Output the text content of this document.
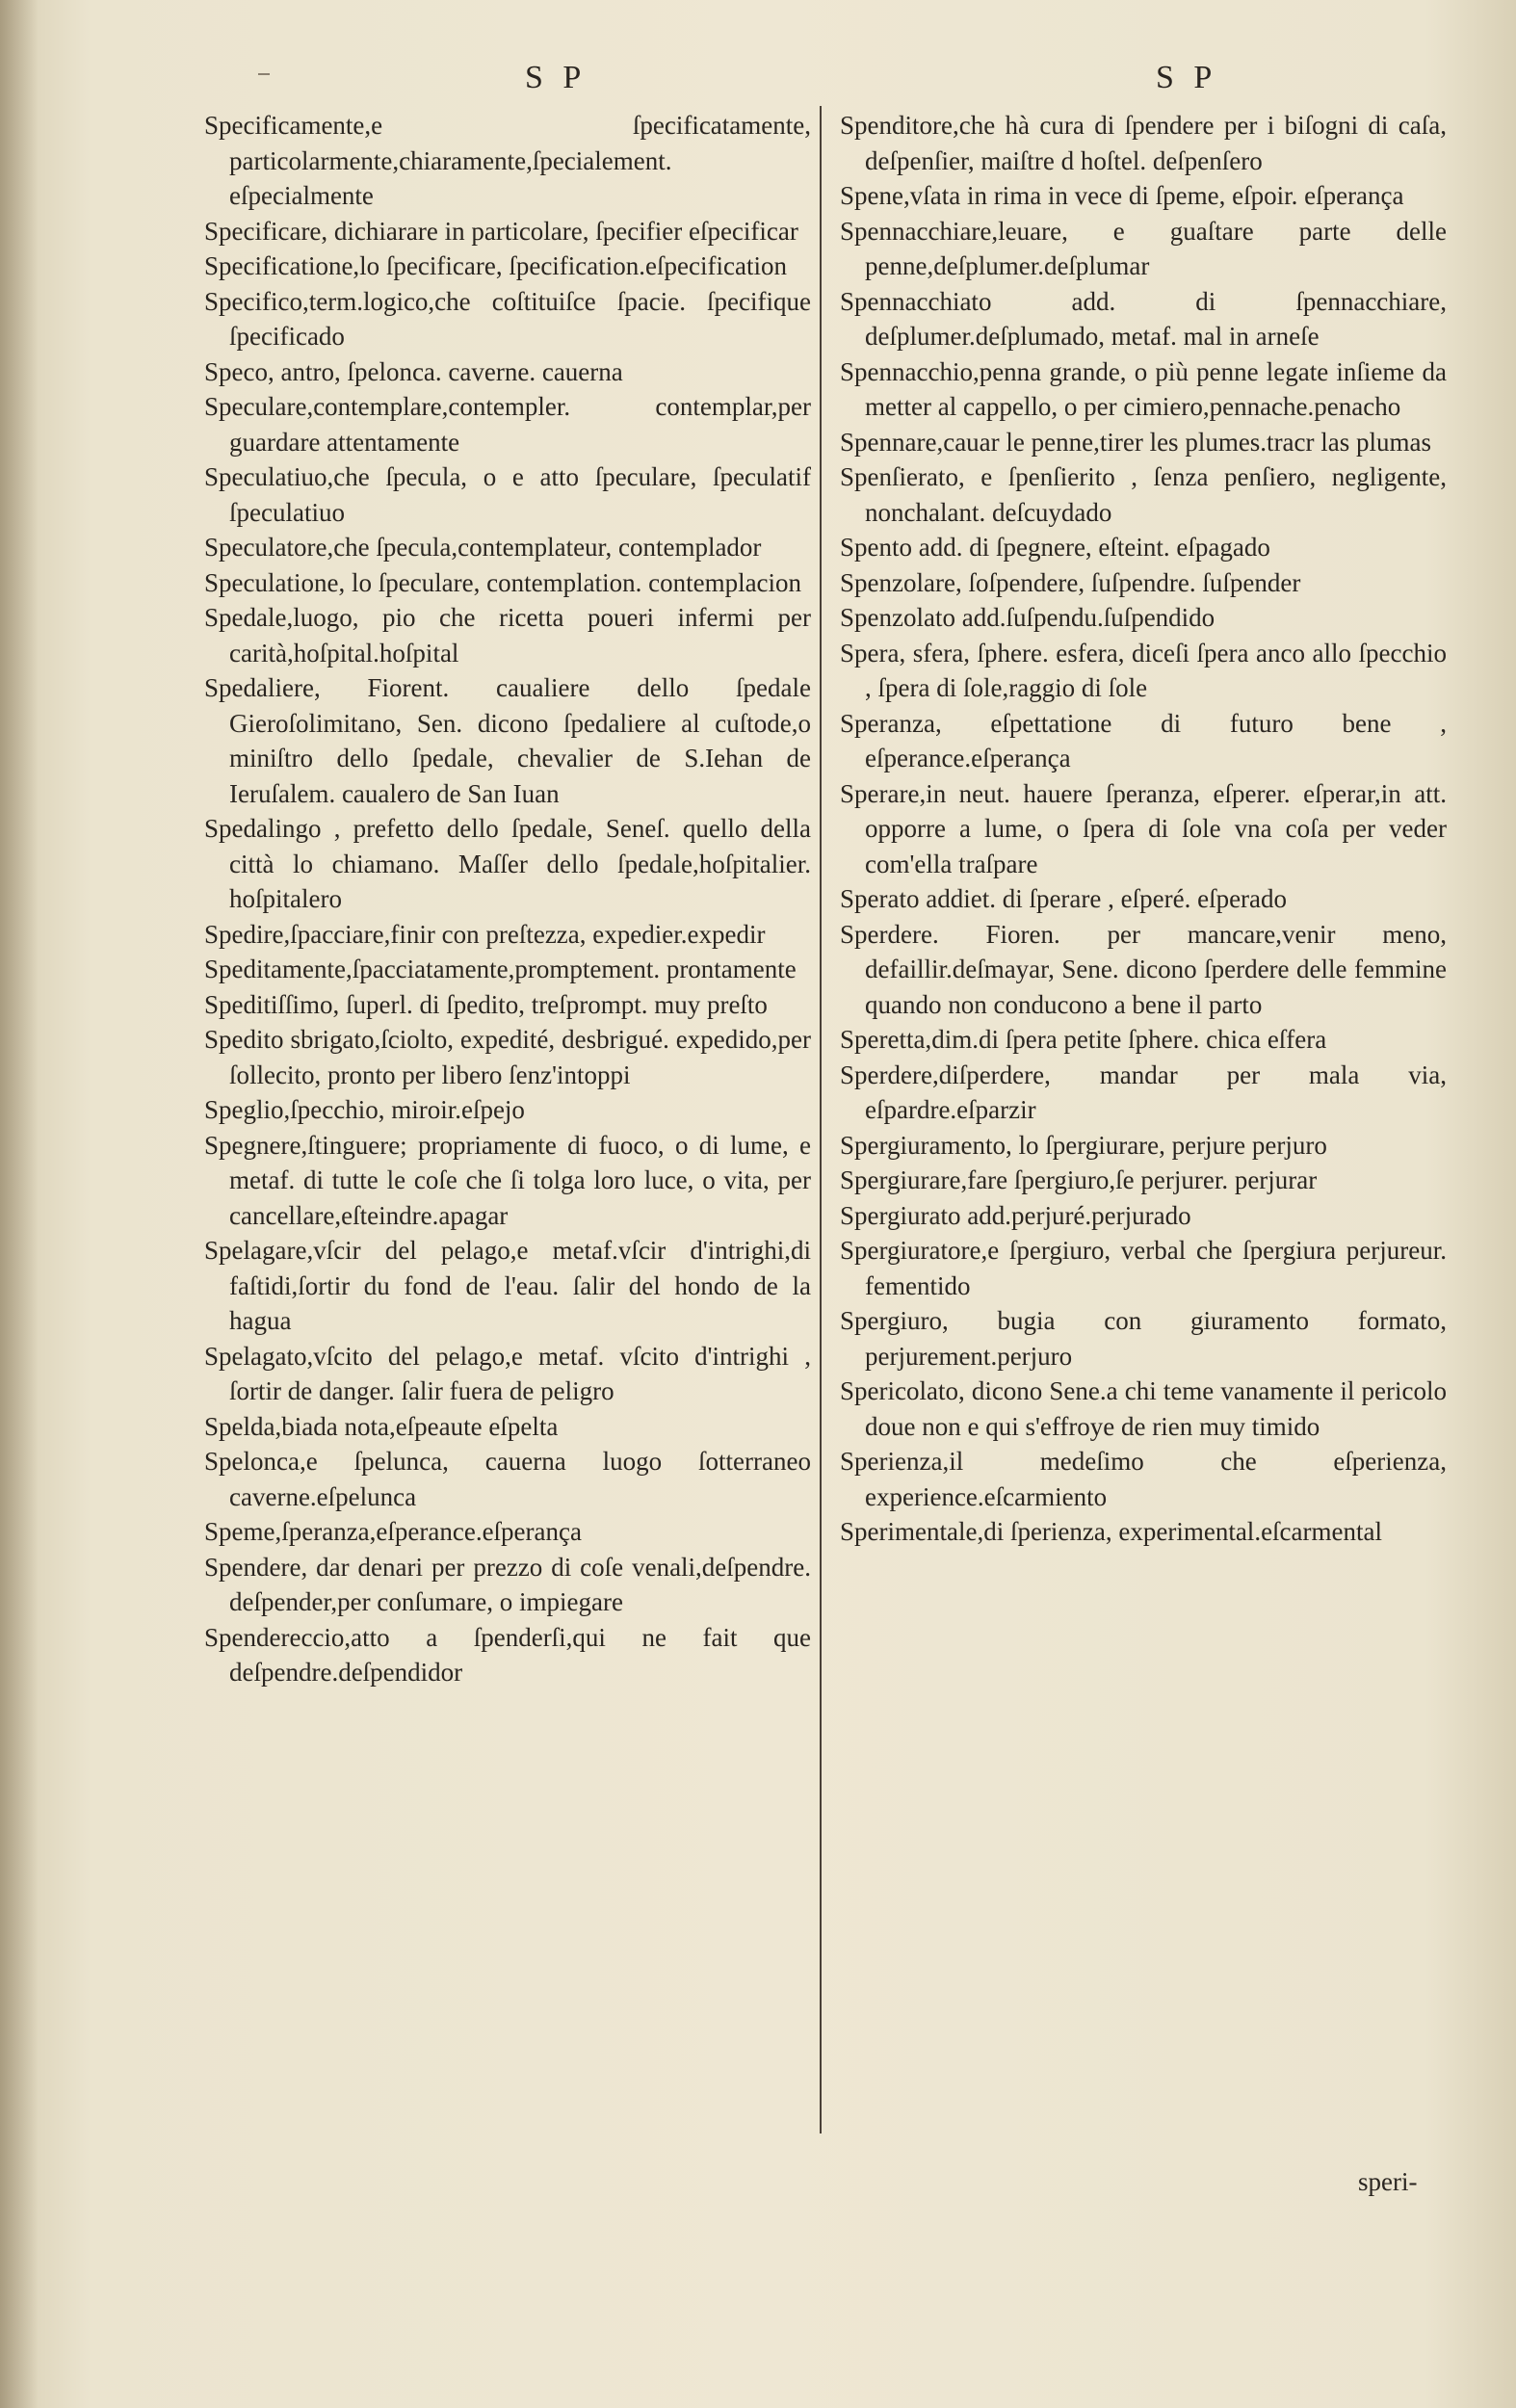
S P	S P
Specificamente,e ſpecificatamente, particolarmente,chiaramente,ſpecialement. eſpecialmente
Specificare, dichiarare in particolare, ſpecifier eſpecificar
Specificatione,lo ſpecificare, ſpecification.eſpecification
Specifico,term.logico,che coſtituiſce ſpacie. ſpecifique ſpecificado
Speco, antro, ſpelonca. caverne. cauerna
Speculare,contemplare,contempler. contemplar,per guardare attentamente
Speculatiuo,che ſpecula, o e atto ſpeculare, ſpeculatif ſpeculatiuo
Speculatore,che ſpecula,contemplateur, contemplador
Speculatione, lo ſpeculare, contemplation. contemplacion
Spedale,luogo, pio che ricetta poueri infermi per carità,hoſpital.hoſpital
Spedaliere, Fiorent. caualiere dello ſpedale Gieroſolimitano, Sen. dicono ſpedaliere al cuſtode,o miniſtro dello ſpedale, chevalier de S.Iehan de Ieruſalem. caualero de San Iuan
Spedalingo , prefetto dello ſpedale, Seneſ. quello della città lo chiamano. Maſſer dello ſpedale,hoſpitalier. hoſpitalero
Spedire,ſpacciare,finir con preſtezza, expedier.expedir
Speditamente,ſpacciatamente,promptement. prontamente
Speditiſſimo, ſuperl. di ſpedito, treſprompt. muy preſto
Spedito sbrigato,ſciolto, expedité, desbrigué. expedido,per ſollecito, pronto per libero ſenz'intoppi
Speglio,ſpecchio, miroir.eſpejo
Spegnere,ſtinguere; propriamente di fuoco, o di lume, e metaf. di tutte le coſe che ſi tolga loro luce, o vita, per cancellare,eſteindre.apagar
Spelagare,vſcir del pelago,e metaf.vſcir d'intrighi,di faſtidi,ſortir du fond de l'eau. ſalir del hondo de la hagua
Spelagato,vſcito del pelago,e metaf. vſcito d'intrighi , ſortir de danger. ſalir fuera de peligro
Spelda,biada nota,eſpeaute eſpelta
Spelonca,e ſpelunca, cauerna luogo ſotterraneo caverne.eſpelunca
Speme,ſperanza,eſperance.eſperança
Spendere, dar denari per prezzo di coſe venali,deſpendre. deſpender,per conſumare, o impiegare
Spendereccio,atto a ſpenderſi,qui ne fait que deſpendre.deſpendidor
Spenditore,che hà cura di ſpendere per i biſogni di caſa, deſpenſier, maiſtre d hoſtel. deſpenſero
Spene,vſata in rima in vece di ſpeme, eſpoir. eſperança
Spennacchiare,leuare, e guaſtare parte delle penne,deſplumer.deſplumar
Spennacchiato add. di ſpennacchiare, deſplumer.deſplumado, metaf. mal in arneſe
Spennacchio,penna grande, o più penne legate inſieme da metter al cappello, o per cimiero,pennache.penacho
Spennare,cauar le penne,tirer les plumes.tracr las plumas
Spenſierato, e ſpenſierito , ſenza penſiero, negligente, nonchalant. deſcuydado
Spento add. di ſpegnere, eſteint. eſpagado
Spenzolare, ſoſpendere, ſuſpendre. ſuſpender
Spenzolato add.ſuſpendu.ſuſpendido
Spera, sfera, ſphere. esfera, diceſi ſpera anco allo ſpecchio , ſpera di ſole,raggio di ſole
Speranza, eſpettatione di futuro bene , eſperance.eſperança
Sperare,in neut. hauere ſperanza, eſperer. eſperar,in att. opporre a lume, o ſpera di ſole vna coſa per veder com'ella traſpare
Sperato addiet. di ſperare , eſperé. eſperado
Sperdere. Fioren. per mancare,venir meno, defaillir.deſmayar, Sene. dicono ſperdere delle femmine quando non conducono a bene il parto
Speretta,dim.di ſpera petite ſphere. chica eſfera
Sperdere,diſperdere, mandar per mala via, eſpardre.eſparzir
Spergiuramento, lo ſpergiurare, perjure perjuro
Spergiurare,fare ſpergiuro,ſe perjurer. perjurar
Spergiurato add.perjuré.perjurado
Spergiuratore,e ſpergiuro, verbal che ſpergiura perjureur. fementido
Spergiuro, bugia con giuramento formato, perjurement.perjuro
Spericolato, dicono Sene.a chi teme vanamente il pericolo doue non e qui s'effroye de rien muy timido
Sperienza,il medeſimo che eſperienza, experience.eſcarmiento
Sperimentale,di ſperienza, experimental.eſcarmental
speri-
